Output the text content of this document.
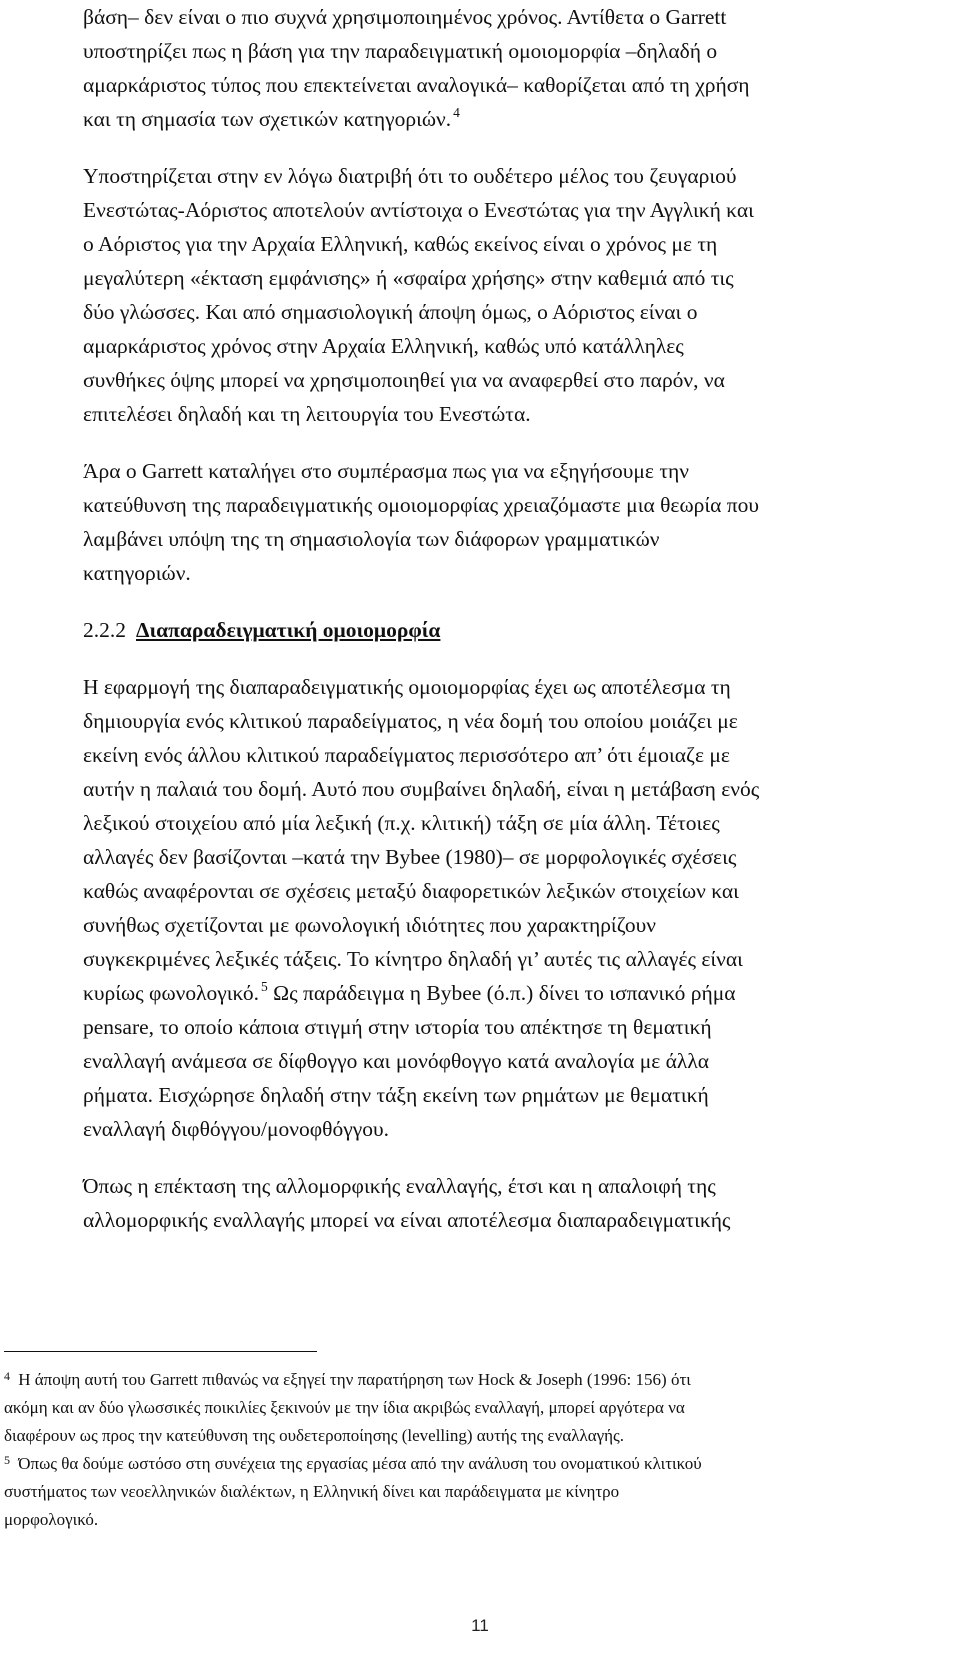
βάση– δεν είναι ο πιο συχνά χρησιμοποιημένος χρόνος. Αντίθετα ο Garrett
υποστηρίζει πως η βάση για την παραδειγματική ομοιομορφία –δηλαδή ο
αμαρκάριστος τύπος που επεκτείνεται αναλογικά– καθορίζεται από τη χρήση
και τη σημασία των σχετικών κατηγοριών. $^4$

Υποστηρίζεται στην εν λόγω διατριβή ότι το ουδέτερο μέλος του ζευγαριού
Ενεστώτας-Αόριστος αποτελούν αντίστοιχα ο Ενεστώτας για την Αγγλική και
ο Αόριστος για την Αρχαία Ελληνική, καθώς εκείνος είναι ο χρόνος με τη
μεγαλύτερη «έκταση εμφάνισης» ή «σφαίρα χρήσης» στην καθεμιά από τις
δύο γλώσσες. Και από σημασιολογική άποψη όμως, ο Αόριστος είναι ο
αμαρκάριστος χρόνος στην Αρχαία Ελληνική, καθώς υπό κατάλληλες
συνθήκες όψης μπορεί να χρησιμοποιηθεί για να αναφερθεί στο παρόν, να
επιτελέσει δηλαδή και τη λειτουργία του Ενεστώτα.

Άρα ο Garrett καταλήγει στο συμπέρασμα πως για να εξηγήσουμε την
κατεύθυνση της παραδειγματικής ομοιομορφίας χρειαζόμαστε μια θεωρία που
λαμβάνει υπόψη της τη σημασιολογία των διάφορων γραμματικών
κατηγοριών.

2.2.2 Διαπαραδειγματική ομοιομορφία

Η εφαρμογή της διαπαραδειγματικής ομοιομορφίας έχει ως αποτέλεσμα τη
δημιουργία ενός κλιτικού παραδείγματος, η νέα δομή του οποίου μοιάζει με
εκείνη ενός άλλου κλιτικού παραδείγματος περισσότερο απ’ ότι έμοιαζε με
αυτήν η παλαιά του δομή. Αυτό που συμβαίνει δηλαδή, είναι η μετάβαση ενός
λεξικού στοιχείου από μία λεξική (π.χ. κλιτική) τάξη σε μία άλλη. Τέτοιες
αλλαγές δεν βασίζονται –κατά την Bybee (1980)– σε μορφολογικές σχέσεις
καθώς αναφέρονται σε σχέσεις μεταξύ διαφορετικών λεξικών στοιχείων και
συνήθως σχετίζονται με φωνολογική ιδιότητες που χαρακτηρίζουν
συγκεκριμένες λεξικές τάξεις. Το κίνητρο δηλαδή γι’ αυτές τις αλλαγές είναι
κυρίως φωνολογικό. $^5$ Ως παράδειγμα η Bybee (ό.π.) δίνει το ισπανικό ρήμα
pensare, το οποίο κάποια στιγμή στην ιστορία του απέκτησε τη θεματική
εναλλαγή ανάμεσα σε δίφθογγο και μονόφθογγο κατά αναλογία με άλλα
ρήματα. Εισχώρησε δηλαδή στην τάξη εκείνη των ρημάτων με θεματική
εναλλαγή διφθόγγου/μονοφθόγγου.

Όπως η επέκταση της αλλομορφικής εναλλαγής, έτσι και η απαλοιφή της
αλλομορφικής εναλλαγής μπορεί να είναι αποτέλεσμα διαπαραδειγματικής

$^4$ Η άποψη αυτή του Garrett πιθανώς να εξηγεί την παρατήρηση των Hock & Joseph (1996: 156) ότι
ακόμη και αν δύο γλωσσικές ποικιλίες ξεκινούν με την ίδια ακριβώς εναλλαγή, μπορεί αργότερα να
διαφέρουν ως προς την κατεύθυνση της ουδετεροποίησης (levelling) αυτής της εναλλαγής.
$^5$ Όπως θα δούμε ωστόσο στη συνέχεια της εργασίας μέσα από την ανάλυση του ονοματικού κλιτικού
συστήματος των νεοελληνικών διαλέκτων, η Ελληνική δίνει και παράδειγματα με κίνητρο
μορφολογικό.
11
